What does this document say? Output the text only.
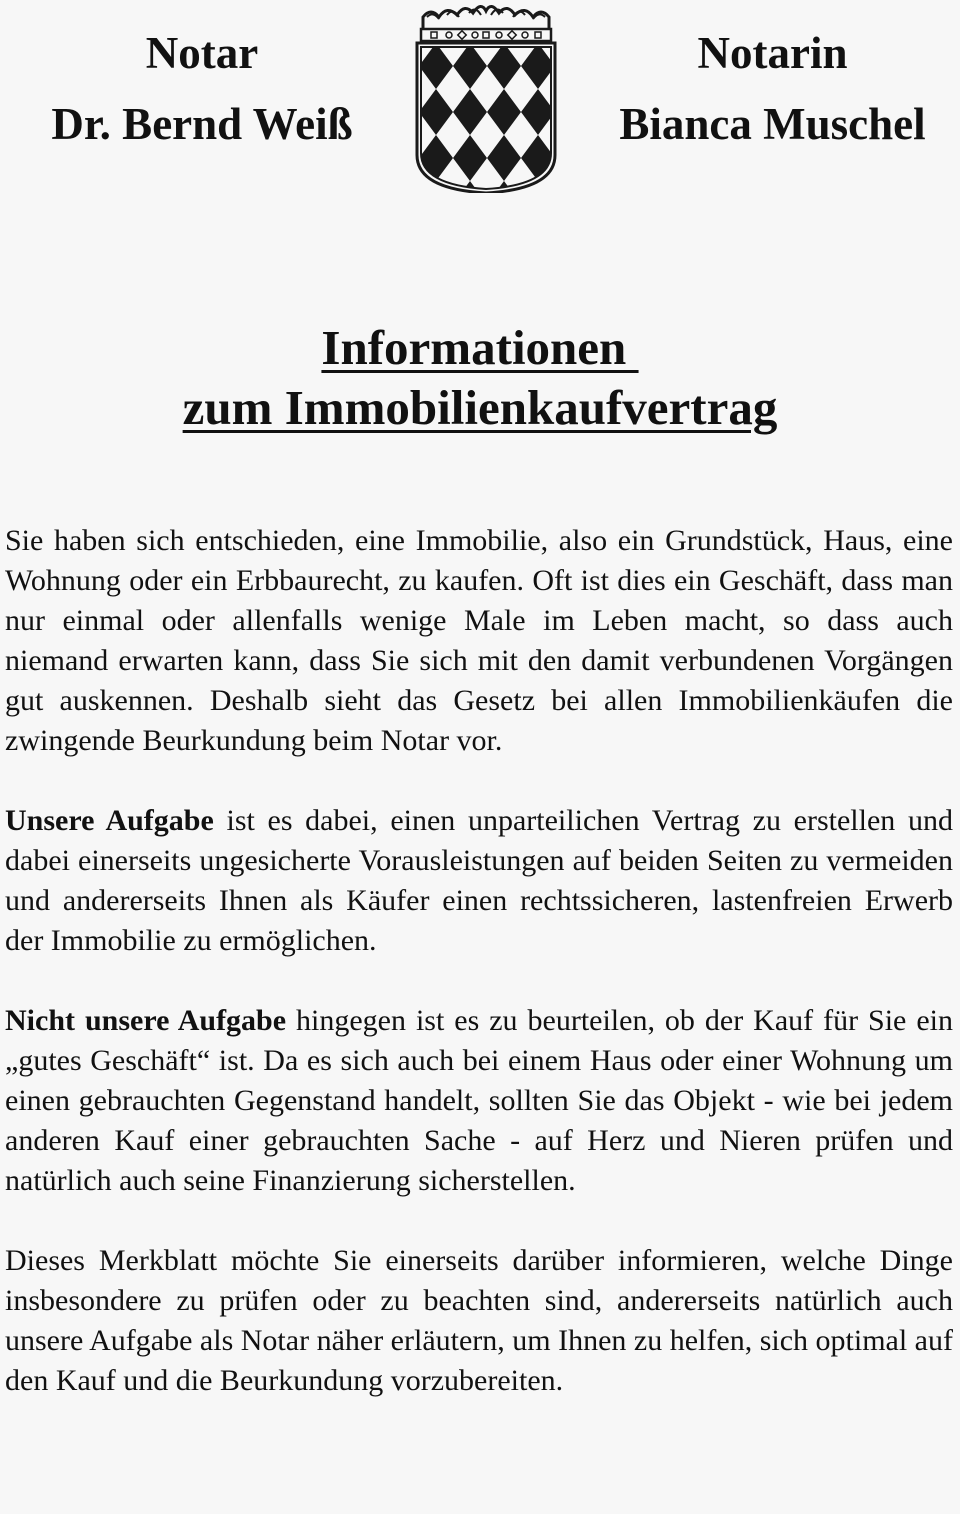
Notar
Dr. Bernd Weiß
Notarin
Bianca Muschel
Informationen
zum Immobilienkaufvertrag

Sie haben sich entschieden, eine Immobilie, also ein Grundstück, Haus, eine Wohnung oder ein Erbbaurecht, zu kaufen. Oft ist dies ein Geschäft, dass man nur einmal oder allenfalls wenige Male im Leben macht, so dass auch niemand erwarten kann, dass Sie sich mit den damit verbundenen Vorgängen gut auskennen. Deshalb sieht das Gesetz bei allen Immobilienkäufen die zwingende Beurkundung beim Notar vor.

Unsere Aufgabe ist es dabei, einen unparteilichen Vertrag zu erstellen und dabei einerseits ungesicherte Vorausleistungen auf beiden Seiten zu vermeiden und andererseits Ihnen als Käufer einen rechtssicheren, lastenfreien Erwerb der Immobilie zu ermöglichen.

Nicht unsere Aufgabe hingegen ist es zu beurteilen, ob der Kauf für Sie ein „gutes Geschäft“ ist. Da es sich auch bei einem Haus oder einer Wohnung um einen gebrauchten Gegenstand handelt, sollten Sie das Objekt - wie bei jedem anderen Kauf einer gebrauchten Sache - auf Herz und Nieren prüfen und natürlich auch seine Finanzierung sicherstellen.

Dieses Merkblatt möchte Sie einerseits darüber informieren, welche Dinge insbesondere zu prüfen oder zu beachten sind, andererseits natürlich auch unsere Aufgabe als Notar näher erläutern, um Ihnen zu helfen, sich optimal auf den Kauf und die Beurkundung vorzubereiten.
